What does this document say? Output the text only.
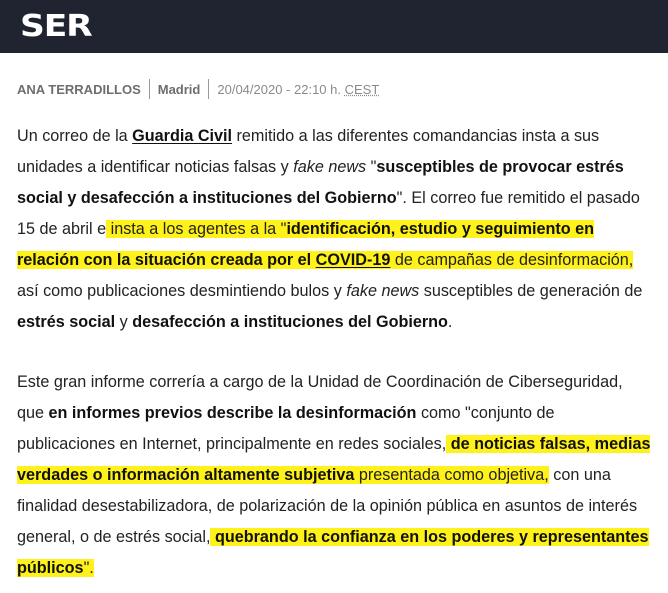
SER
ANA TERRADILLOS Madrid 20/04/2020 - 22:10 h. CEST

Un correo de la Guardia Civil remitido a las diferentes comandancias insta a sus unidades a identificar noticias falsas y fake news "susceptibles de provocar estrés social y desafección a instituciones del Gobierno". El correo fue remitido el pasado 15 de abril e insta a los agentes a la "identificación, estudio y seguimiento en relación con la situación creada por el COVID-19 de campañas de desinformación, así como publicaciones desmintiendo bulos y fake news susceptibles de generación de estrés social y desafección a instituciones del Gobierno.

Este gran informe correría a cargo de la Unidad de Coordinación de Ciberseguridad, que en informes previos describe la desinformación como "conjunto de publicaciones en Internet, principalmente en redes sociales, de noticias falsas, medias verdades o información altamente subjetiva presentada como objetiva, con una finalidad desestabilizadora, de polarización de la opinión pública en asuntos de interés general, o de estrés social, quebrando la confianza en los poderes y representantes públicos".
